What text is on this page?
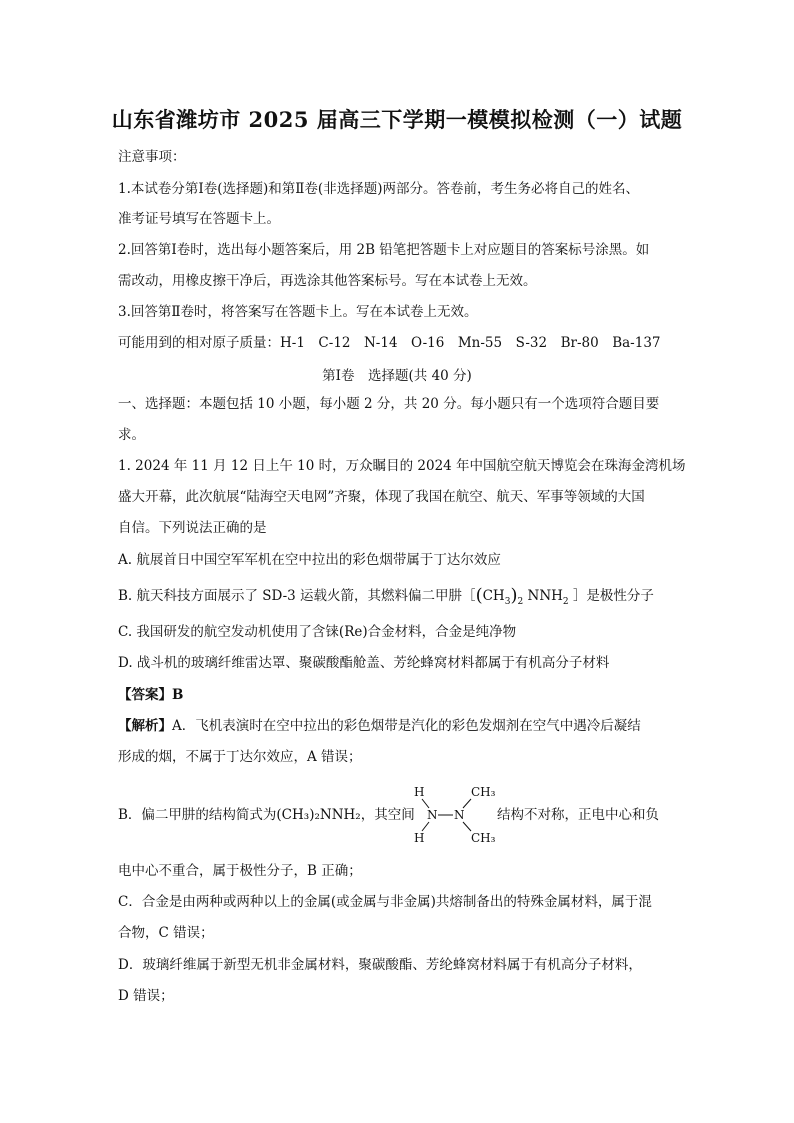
山东省潍坊市 2025 届高三下学期一模模拟检测（一）试题
注意事项：
1.本试卷分第Ⅰ卷(选择题)和第Ⅱ卷(非选择题)两部分。答卷前，考生务必将自己的姓名、
准考证号填写在答题卡上。
2.回答第Ⅰ卷时，选出每小题答案后，用 2B 铅笔把答题卡上对应题目的答案标号涂黑。如
需改动，用橡皮擦干净后，再选涂其他答案标号。写在本试卷上无效。
3.回答第Ⅱ卷时，将答案写在答题卡上。写在本试卷上无效。
可能用到的相对原子质量：H-1　C-12　N-14　O-16　Mn-55　S-32　Br-80　Ba-137
第Ⅰ卷　选择题(共 40 分)
一、选择题：本题包括 10 小题，每小题 2 分，共 20 分。每小题只有一个选项符合题目要
求。
1. 2024 年 11 月 12 日上午 10 时，万众瞩目的 2024 年中国航空航天博览会在珠海金湾机场
盛大开幕，此次航展“陆海空天电网”齐聚，体现了我国在航空、航天、军事等领域的大国
自信。下列说法正确的是
A. 航展首日中国空军军机在空中拉出的彩色烟带属于丁达尔效应
B. 航天科技方面展示了 SD-3 运载火箭，其燃料偏二甲肼$[(CH_3)_2$ $NNH_2$ ］是极性分子
C. 我国研发的航空发动机使用了含铼(Re)合金材料，合金是纯净物
D. 战斗机的玻璃纤维雷达罩、聚碳酸酯舱盖、芳纶蜂窝材料都属于有机高分子材料
【答案】B
【解析】A．飞机表演时在空中拉出的彩色烟带是汽化的彩色发烟剂在空气中遇冷后凝结
形成的烟，不属于丁达尔效应，A 错误；
B．偏二甲肼的结构简式为(CH₃)₂NNH₂，其空间
H
H
N N
CH₃
CH₃
结构不对称，正电中心和负
电中心不重合，属于极性分子，B 正确；
C．合金是由两种或两种以上的金属(或金属与非金属)共熔制备出的特殊金属材料，属于混
合物，C 错误；
D．玻璃纤维属于新型无机非金属材料，聚碳酸酯、芳纶蜂窝材料属于有机高分子材料，
D 错误；
